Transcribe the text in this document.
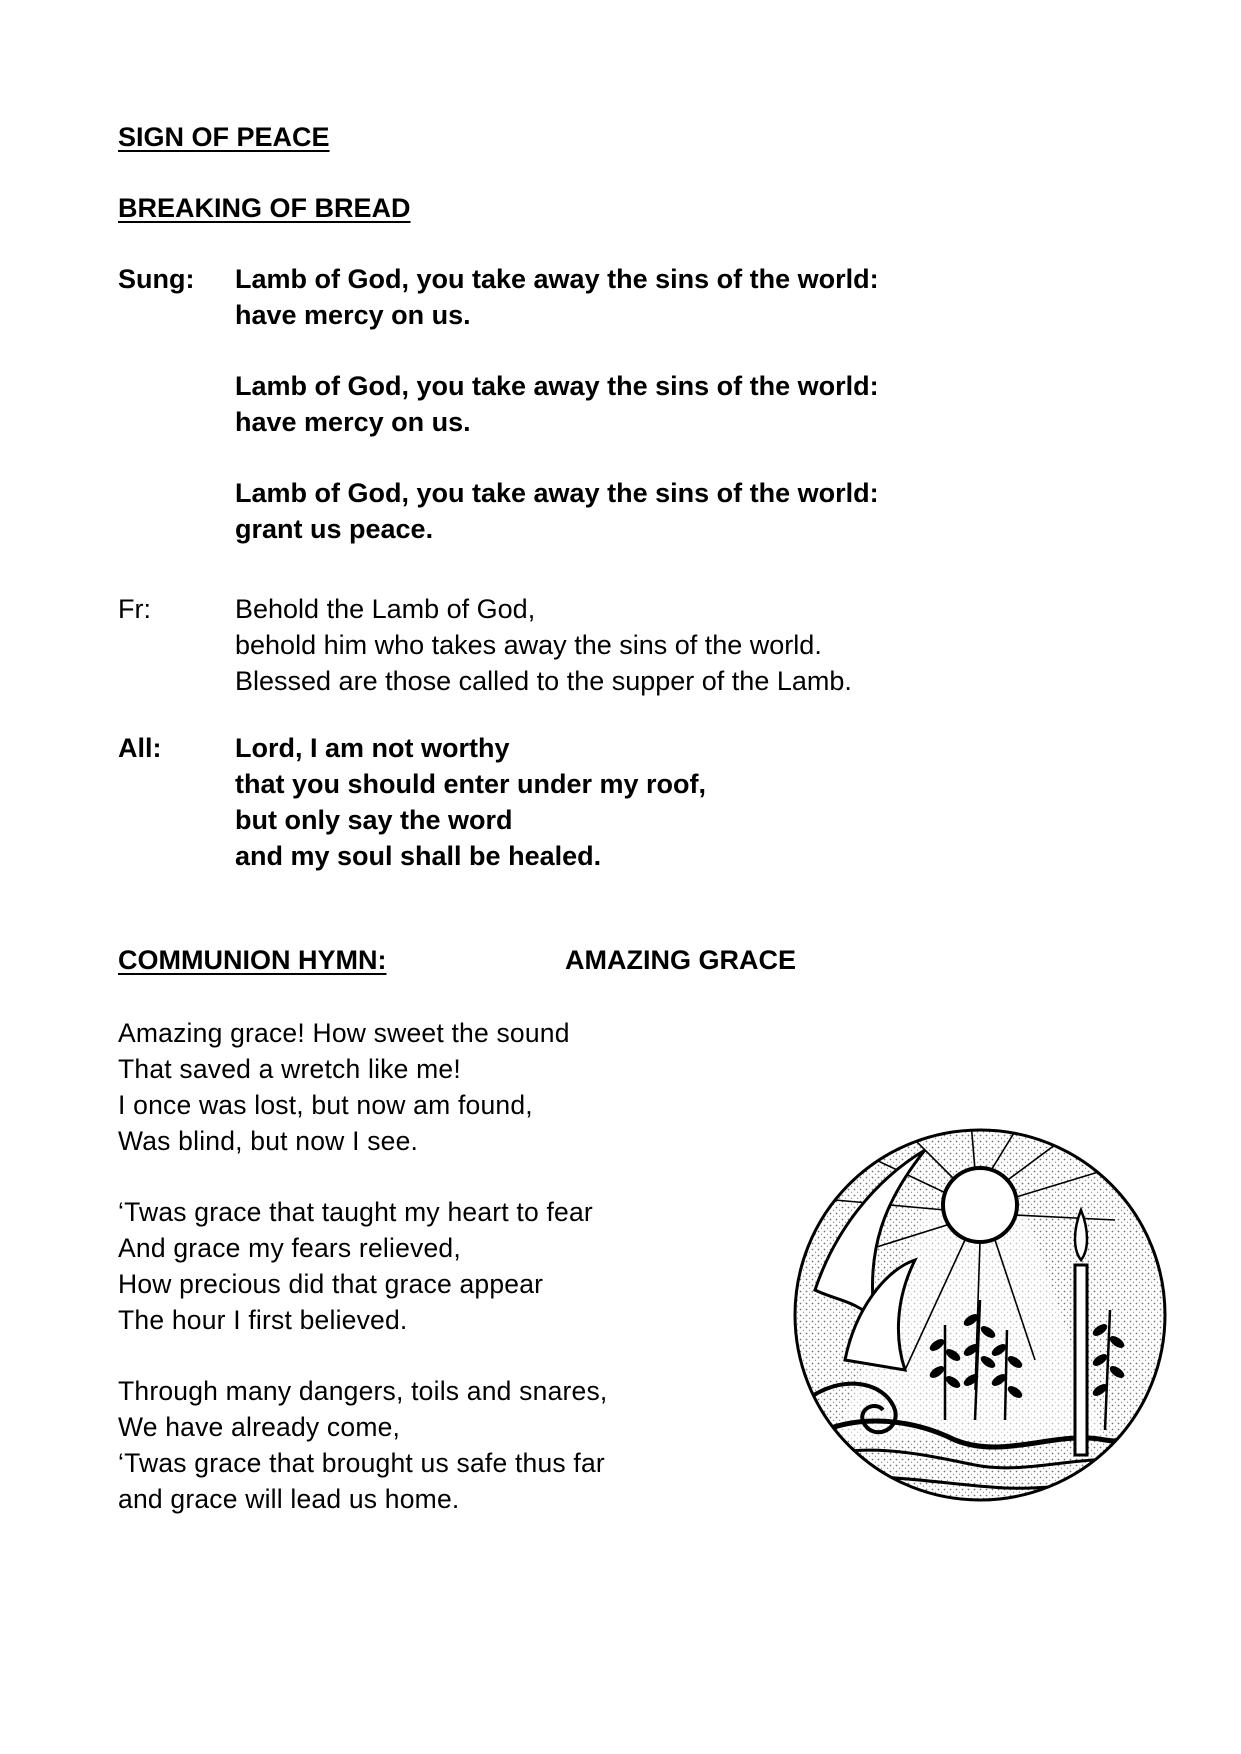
SIGN OF PEACE
BREAKING OF BREAD
Sung: Lamb of God, you take away the sins of the world:
have mercy on us.
Lamb of God, you take away the sins of the world:
have mercy on us.
Lamb of God, you take away the sins of the world:
grant us peace.
Fr:	Behold the Lamb of God,
behold him who takes away the sins of the world.
Blessed are those called to the supper of the Lamb.
All:	Lord, I am not worthy
that you should enter under my roof,
but only say the word
and my soul shall be healed.
COMMUNION HYMN:	AMAZING GRACE
Amazing grace! How sweet the sound
That saved a wretch like me!
I once was lost, but now am found,
Was blind, but now I see.
‘Twas grace that taught my heart to fear
And grace my fears relieved,
How precious did that grace appear
The hour I first believed.
Through many dangers, toils and snares,
We have already come,
‘Twas grace that brought us safe thus far
and grace will lead us home.
